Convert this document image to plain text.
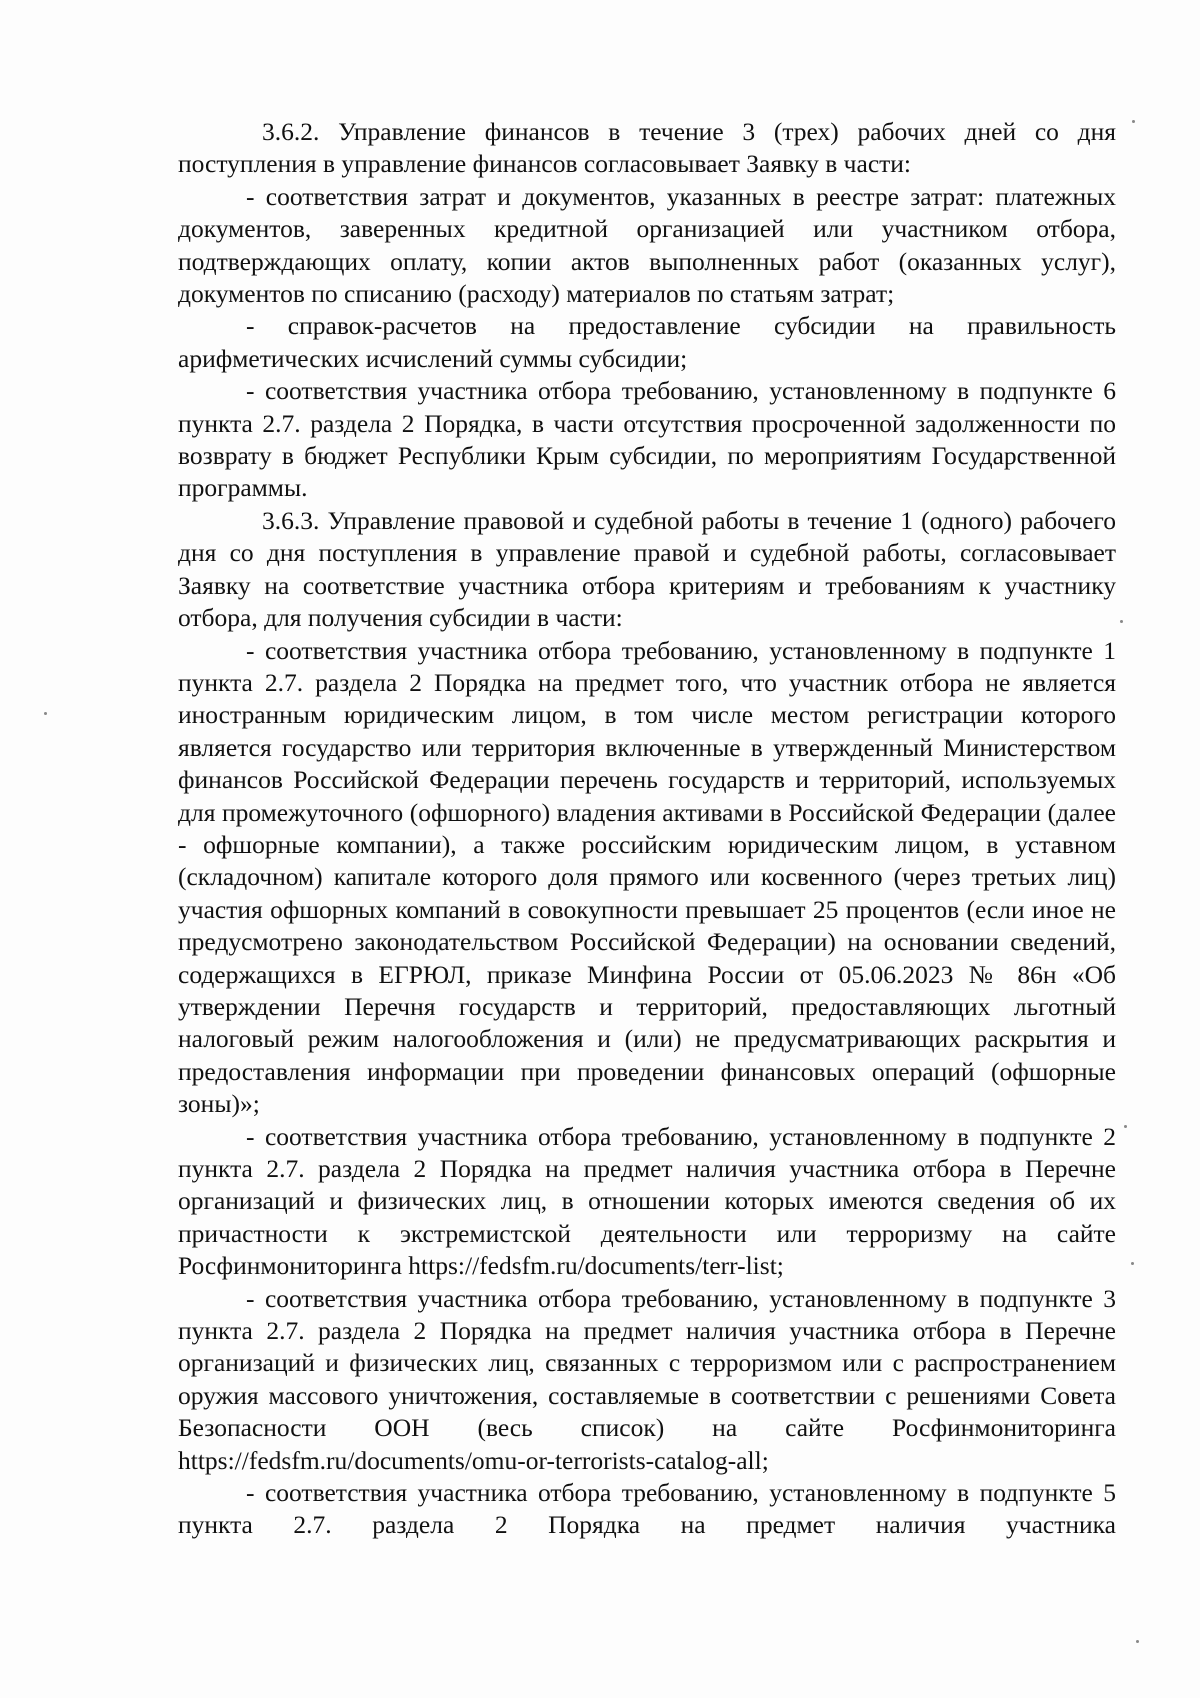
3.6.2. Управление финансов в течение 3 (трех) рабочих дней со дня поступления в управление финансов согласовывает Заявку в части:

- соответствия затрат и документов, указанных в реестре затрат: платежных документов, заверенных кредитной организацией или участником отбора, подтверждающих оплату, копии актов выполненных работ (оказанных услуг), документов по списанию (расходу) материалов по статьям затрат;

- справок-расчетов на предоставление субсидии на правильность арифметических исчислений суммы субсидии;

- соответствия участника отбора требованию, установленному в подпункте 6 пункта 2.7. раздела 2 Порядка, в части отсутствия просроченной задолженности по возврату в бюджет Республики Крым субсидии, по мероприятиям Государственной программы.

3.6.3. Управление правовой и судебной работы в течение 1 (одного) рабочего дня со дня поступления в управление правой и судебной работы, согласовывает Заявку на соответствие участника отбора критериям и требованиям к участнику отбора, для получения субсидии в части:

- соответствия участника отбора требованию, установленному в подпункте 1 пункта 2.7. раздела 2 Порядка на предмет того, что участник отбора не является иностранным юридическим лицом, в том числе местом регистрации которого является государство или территория включенные в утвержденный Министерством финансов Российской Федерации перечень государств и территорий, используемых для промежуточного (офшорного) владения активами в Российской Федерации (далее - офшорные компании), а также российским юридическим лицом, в уставном (складочном) капитале которого доля прямого или косвенного (через третьих лиц) участия офшорных компаний в совокупности превышает 25 процентов (если иное не предусмотрено законодательством Российской Федерации) на основании сведений, содержащихся в ЕГРЮЛ, приказе Минфина России от 05.06.2023 № 86н «Об утверждении Перечня государств и территорий, предоставляющих льготный налоговый режим налогообложения и (или) не предусматривающих раскрытия и предоставления информации при проведении финансовых операций (офшорные зоны)»;

- соответствия участника отбора требованию, установленному в подпункте 2 пункта 2.7. раздела 2 Порядка на предмет наличия участника отбора в Перечне организаций и физических лиц, в отношении которых имеются сведения об их причастности к экстремистской деятельности или терроризму на сайте Росфинмониторинга https://fedsfm.ru/documents/terr-list;

- соответствия участника отбора требованию, установленному в подпункте 3 пункта 2.7. раздела 2 Порядка на предмет наличия участника отбора в Перечне организаций и физических лиц, связанных с терроризмом или с распространением оружия массового уничтожения, составляемые в соответствии с решениями Совета Безопасности ООН (весь список) на сайте Росфинмониторинга https://fedsfm.ru/documents/omu-or-terrorists-catalog-all;

- соответствия участника отбора требованию, установленному в подпункте 5 пункта 2.7. раздела 2 Порядка на предмет наличия участника
